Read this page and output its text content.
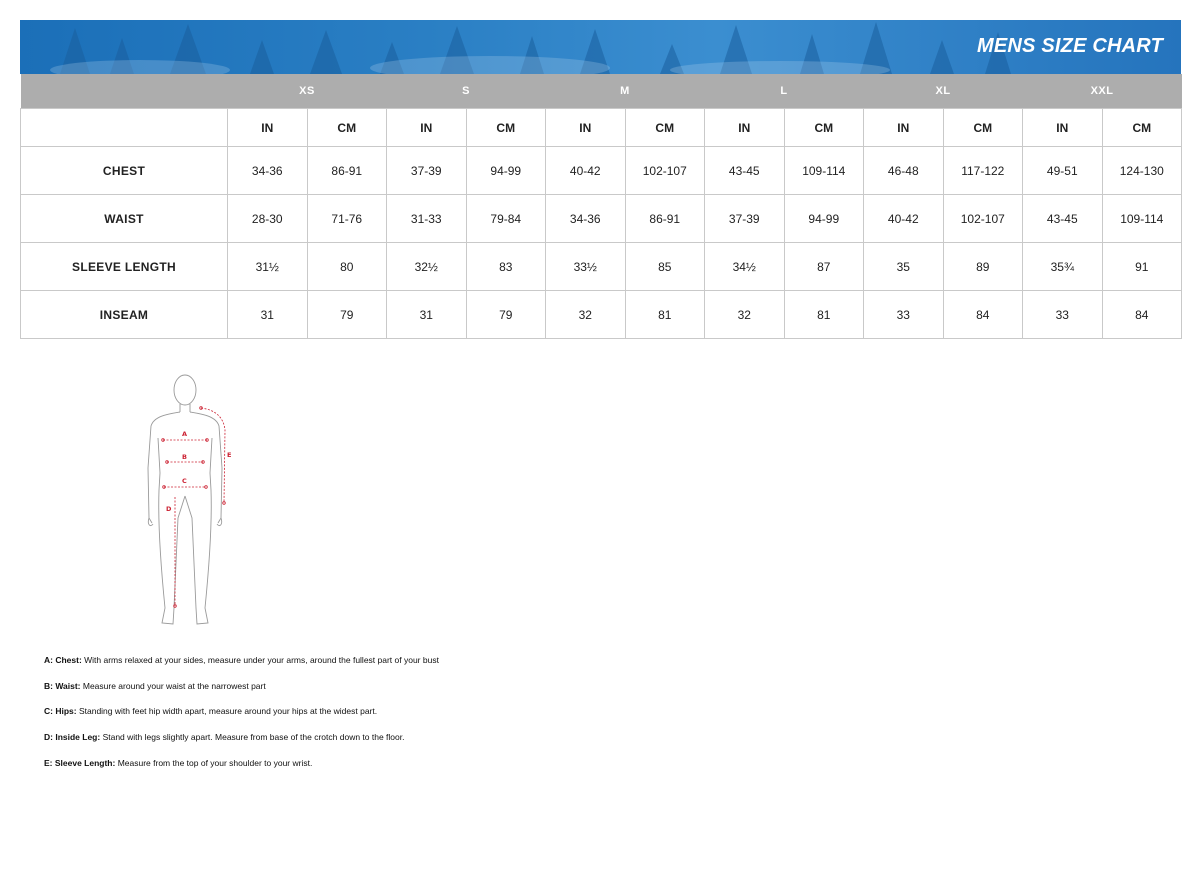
MENS SIZE CHART
	XS		S		M		L		XL		XXL	
	IN	CM	IN	CM	IN	CM	IN	CM	IN	CM	IN	CM
CHEST	34-36	86-91	37-39	94-99	40-42	102-107	43-45	109-114	46-48	117-122	49-51	124-130
WAIST	28-30	71-76	31-33	79-84	34-36	86-91	37-39	94-99	40-42	102-107	43-45	109-114
SLEEVE LENGTH	31½	80	32½	83	33½	85	34½	87	35	89	35¾	91
INSEAM	31	79	31	79	32	81	32	81	33	84	33	84
A
B
C
D
E
A: Chest: With arms relaxed at your sides, measure under your arms, around the fullest part of your bust
B: Waist: Measure around your waist at the narrowest part
C: Hips: Standing with feet hip width apart, measure around your hips at the widest part.
D: Inside Leg: Stand with legs slightly apart. Measure from base of the crotch down to the floor.
E: Sleeve Length: Measure from the top of your shoulder to your wrist.
